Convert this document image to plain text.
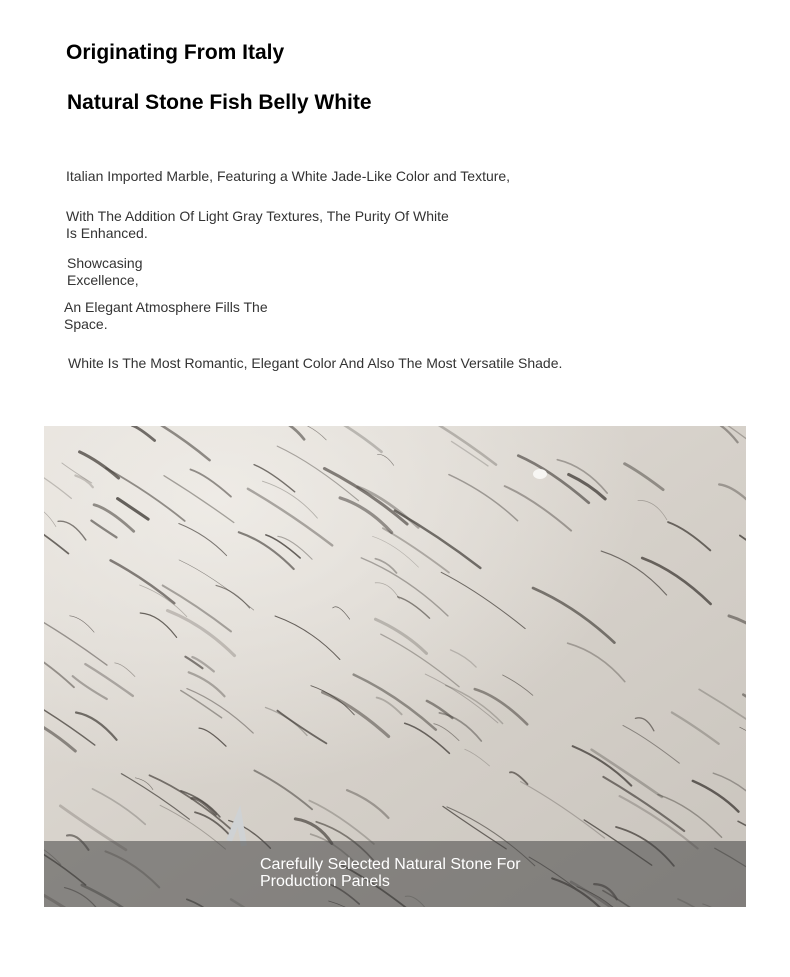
Originating From Italy
Natural Stone Fish Belly White
Italian Imported Marble, Featuring a White Jade-Like Color and Texture,
With The Addition Of Light Gray Textures, The Purity Of White Is Enhanced.
Showcasing Excellence,
An Elegant Atmosphere Fills The Space.
White Is The Most Romantic, Elegant Color And Also The Most Versatile Shade.
Carefully Selected Natural Stone For Production Panels
